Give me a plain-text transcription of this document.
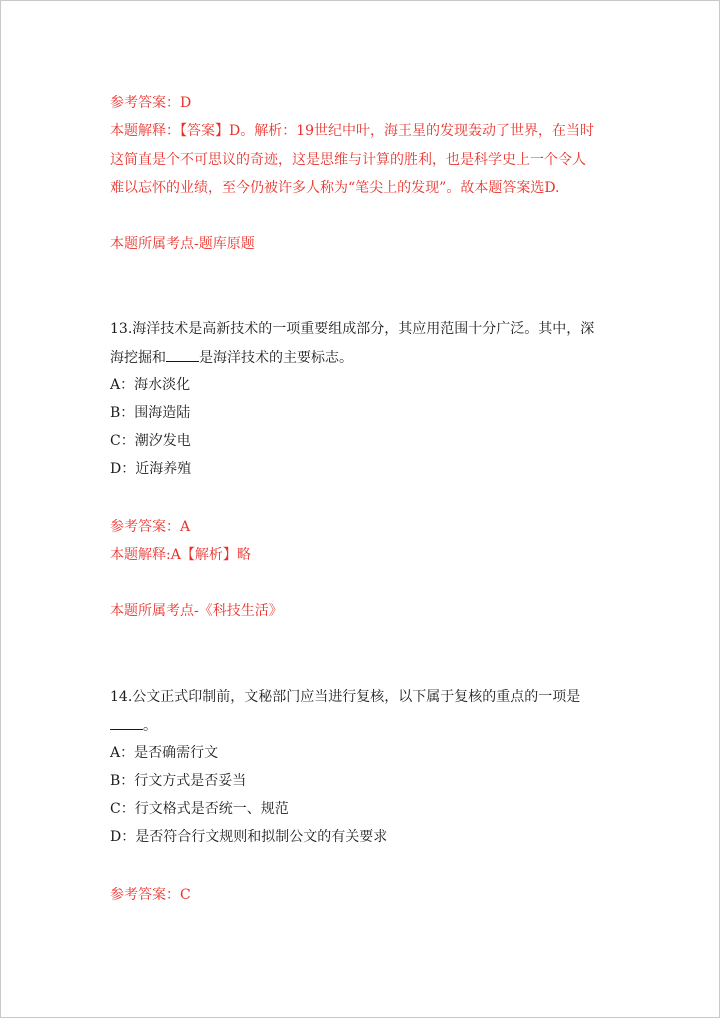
参考答案：D
本题解释：【答案】D。解析：19世纪中叶，海王星的发现轰动了世界，在当时
这简直是个不可思议的奇迹，这是思维与计算的胜利，也是科学史上一个令人
难以忘怀的业绩，至今仍被许多人称为“笔尖上的发现”。故本题答案选D.
本题所属考点-题库原题
13.海洋技术是高新技术的一项重要组成部分，其应用范围十分广泛。其中，深
海挖掘和 是海洋技术的主要标志。
A：海水淡化
B：围海造陆
C：潮汐发电
D：近海养殖
参考答案：A
本题解释:A【解析】略
本题所属考点-《科技生活》
14.公文正式印制前，文秘部门应当进行复核，以下属于复核的重点的一项是
。
A：是否确需行文
B：行文方式是否妥当
C：行文格式是否统一、规范
D：是否符合行文规则和拟制公文的有关要求
参考答案：C
